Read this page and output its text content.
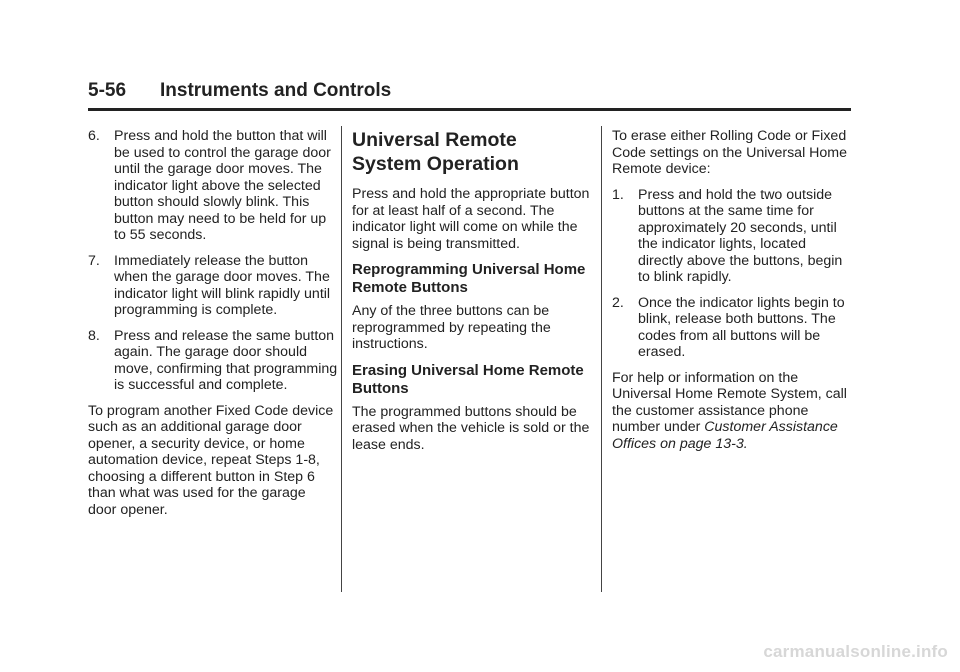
5-56 Instruments and Controls
6. Press and hold the button that will be used to control the garage door until the garage door moves. The indicator light above the selected button should slowly blink. This button may need to be held for up to 55 seconds.
7. Immediately release the button when the garage door moves. The indicator light will blink rapidly until programming is complete.
8. Press and release the same button again. The garage door should move, confirming that programming is successful and complete.

To program another Fixed Code device such as an additional garage door opener, a security device, or home automation device, repeat Steps 1-8, choosing a different button in Step 6 than what was used for the garage door opener.

Universal Remote System Operation

Press and hold the appropriate button for at least half of a second. The indicator light will come on while the signal is being transmitted.

Reprogramming Universal Home Remote Buttons

Any of the three buttons can be reprogrammed by repeating the instructions.

Erasing Universal Home Remote Buttons

The programmed buttons should be erased when the vehicle is sold or the lease ends.

To erase either Rolling Code or Fixed Code settings on the Universal Home Remote device:

1. Press and hold the two outside buttons at the same time for approximately 20 seconds, until the indicator lights, located directly above the buttons, begin to blink rapidly.
2. Once the indicator lights begin to blink, release both buttons. The codes from all buttons will be erased.

For help or information on the Universal Home Remote System, call the customer assistance phone number under Customer Assistance Offices on page 13-3.

carmanualsonline.info
